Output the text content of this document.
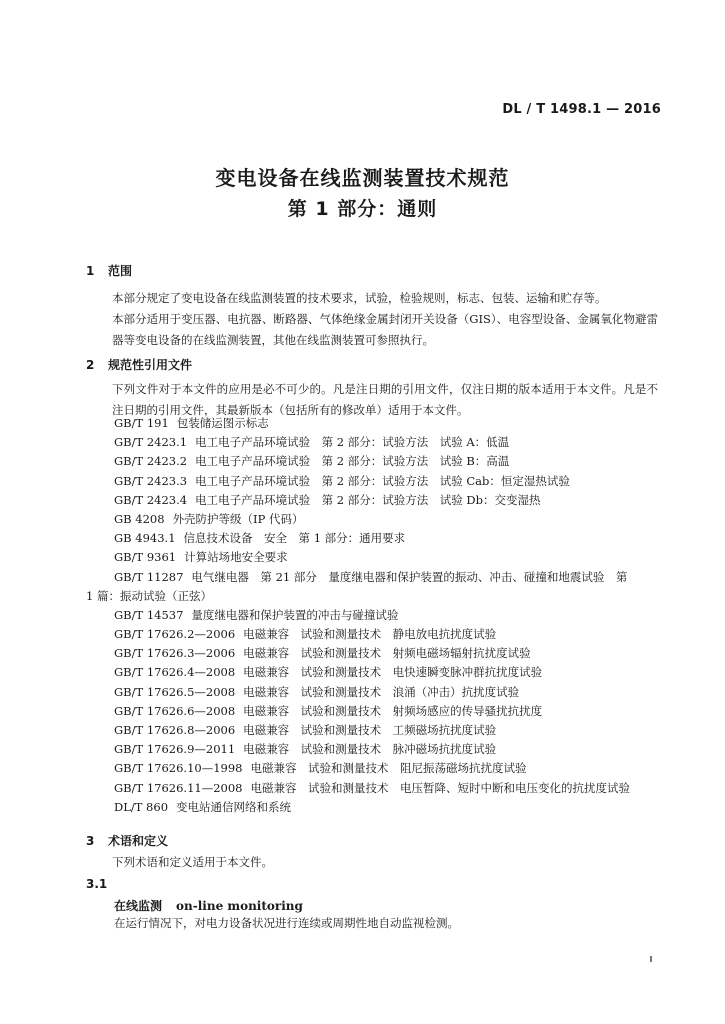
DL / T 1498.1 — 2016
变电设备在线监测装置技术规范
第 1 部分：通则
1 范围
本部分规定了变电设备在线监测装置的技术要求，试验，检验规则，标志、包装、运输和贮存等。
本部分适用于变压器、电抗器、断路器、气体绝缘金属封闭开关设备（GIS）、电容型设备、金属氧化物避雷器等变电设备的在线监测装置，其他在线监测装置可参照执行。
2 规范性引用文件
下列文件对于本文件的应用是必不可少的。凡是注日期的引用文件，仅注日期的版本适用于本文件。凡是不注日期的引用文件，其最新版本（包括所有的修改单）适用于本文件。
GB/T 191 包装储运图示标志
GB/T 2423.1 电工电子产品环境试验　第 2 部分：试验方法　试验 A：低温
GB/T 2423.2 电工电子产品环境试验　第 2 部分：试验方法　试验 B：高温
GB/T 2423.3 电工电子产品环境试验　第 2 部分：试验方法　试验 Cab：恒定湿热试验
GB/T 2423.4 电工电子产品环境试验　第 2 部分：试验方法　试验 Db：交变湿热
GB 4208 外壳防护等级（IP 代码）
GB 4943.1 信息技术设备　安全　第 1 部分：通用要求
GB/T 9361 计算站场地安全要求
GB/T 11287 电气继电器　第 21 部分　量度继电器和保护装置的振动、冲击、碰撞和地震试验　第
1 篇：振动试验（正弦）
GB/T 14537 量度继电器和保护装置的冲击与碰撞试验
GB/T 17626.2—2006 电磁兼容　试验和测量技术　静电放电抗扰度试验
GB/T 17626.3—2006 电磁兼容　试验和测量技术　射频电磁场辐射抗扰度试验
GB/T 17626.4—2008 电磁兼容　试验和测量技术　电快速瞬变脉冲群抗扰度试验
GB/T 17626.5—2008 电磁兼容　试验和测量技术　浪涌（冲击）抗扰度试验
GB/T 17626.6—2008 电磁兼容　试验和测量技术　射频场感应的传导骚扰抗扰度
GB/T 17626.8—2006 电磁兼容　试验和测量技术　工频磁场抗扰度试验
GB/T 17626.9—2011 电磁兼容　试验和测量技术　脉冲磁场抗扰度试验
GB/T 17626.10—1998 电磁兼容　试验和测量技术　阻尼振荡磁场抗扰度试验
GB/T 17626.11—2008 电磁兼容　试验和测量技术　电压暂降、短时中断和电压变化的抗扰度试验
DL/T 860 变电站通信网络和系统
3 术语和定义
下列术语和定义适用于本文件。
3.1
在线监测 on-line monitoring
在运行情况下，对电力设备状况进行连续或周期性地自动监视检测。
